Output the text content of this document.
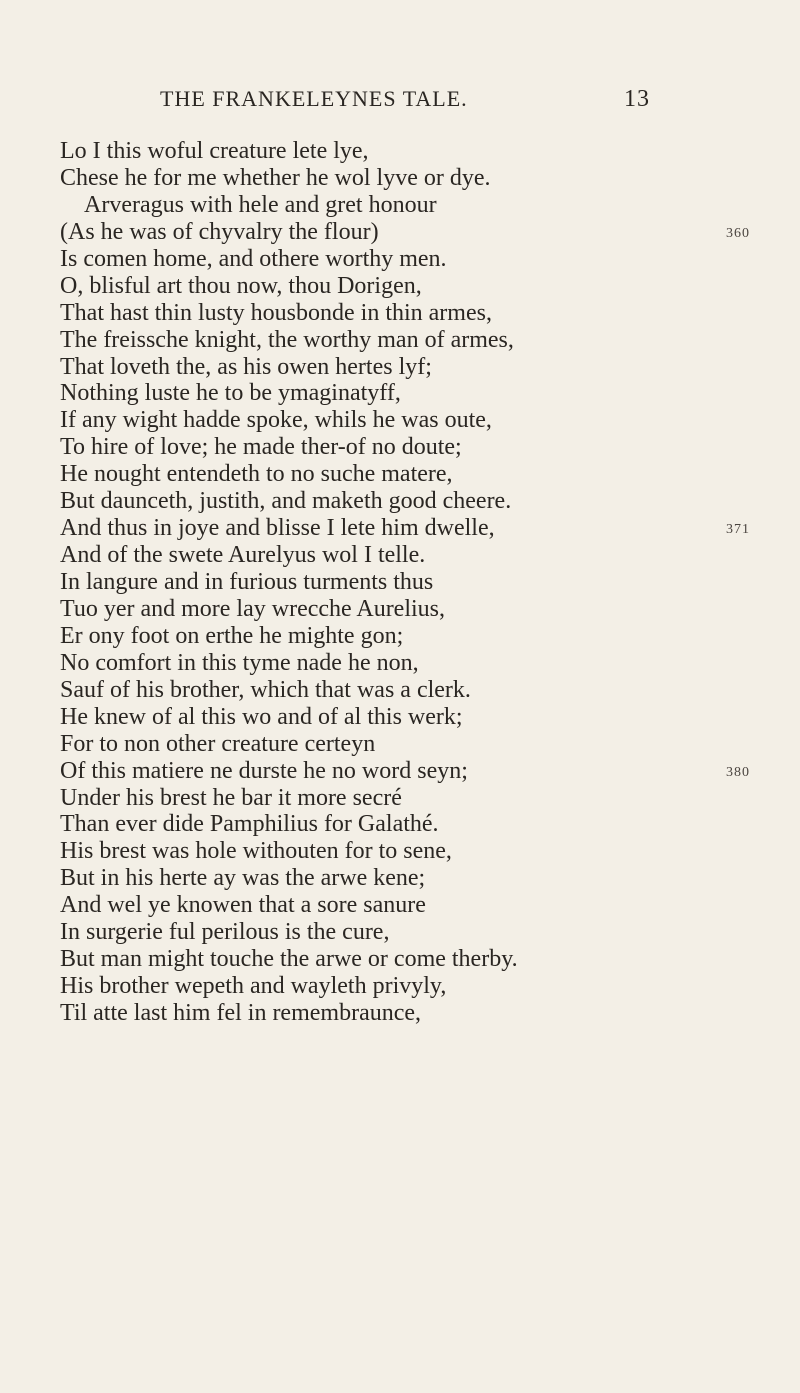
THE FRANKELEYNES TALE.	13
Lo I this woful creature lete lye,
Chese he for me whether he wol lyve or dye.
Arveragus with hele and gret honour
(As he was of chyvalry the flour)	360
Is comen home, and othere worthy men.
O, blisful art thou now, thou Dorigen,
That hast thin lusty housbonde in thin armes,
The freissche knight, the worthy man of armes,
That loveth the, as his owen hertes lyf;
Nothing luste he to be ymaginatyff,
If any wight hadde spoke, whils he was oute,
To hire of love; he made ther-of no doute;
He nought entendeth to no suche matere,
But daunceth, justith, and maketh good cheere.
And thus in joye and blisse I lete him dwelle,	371
And of the swete Aurelyus wol I telle.
In langure and in furious turments thus
Tuo yer and more lay wrecche Aurelius,
Er ony foot on erthe he mighte gon;
No comfort in this tyme nade he non,
Sauf of his brother, which that was a clerk.
He knew of al this wo and of al this werk;
For to non other creature certeyn
Of this matiere ne durste he no word seyn;	380
Under his brest he bar it more secré
Than ever dide Pamphilius for Galathé.
His brest was hole withouten for to sene,
But in his herte ay was the arwe kene;
And wel ye knowen that a sore sanure
In surgerie ful perilous is the cure,
But man might touche the arwe or come therby.
His brother wepeth and wayleth privyly,
Til atte last him fel in remembraunce,
